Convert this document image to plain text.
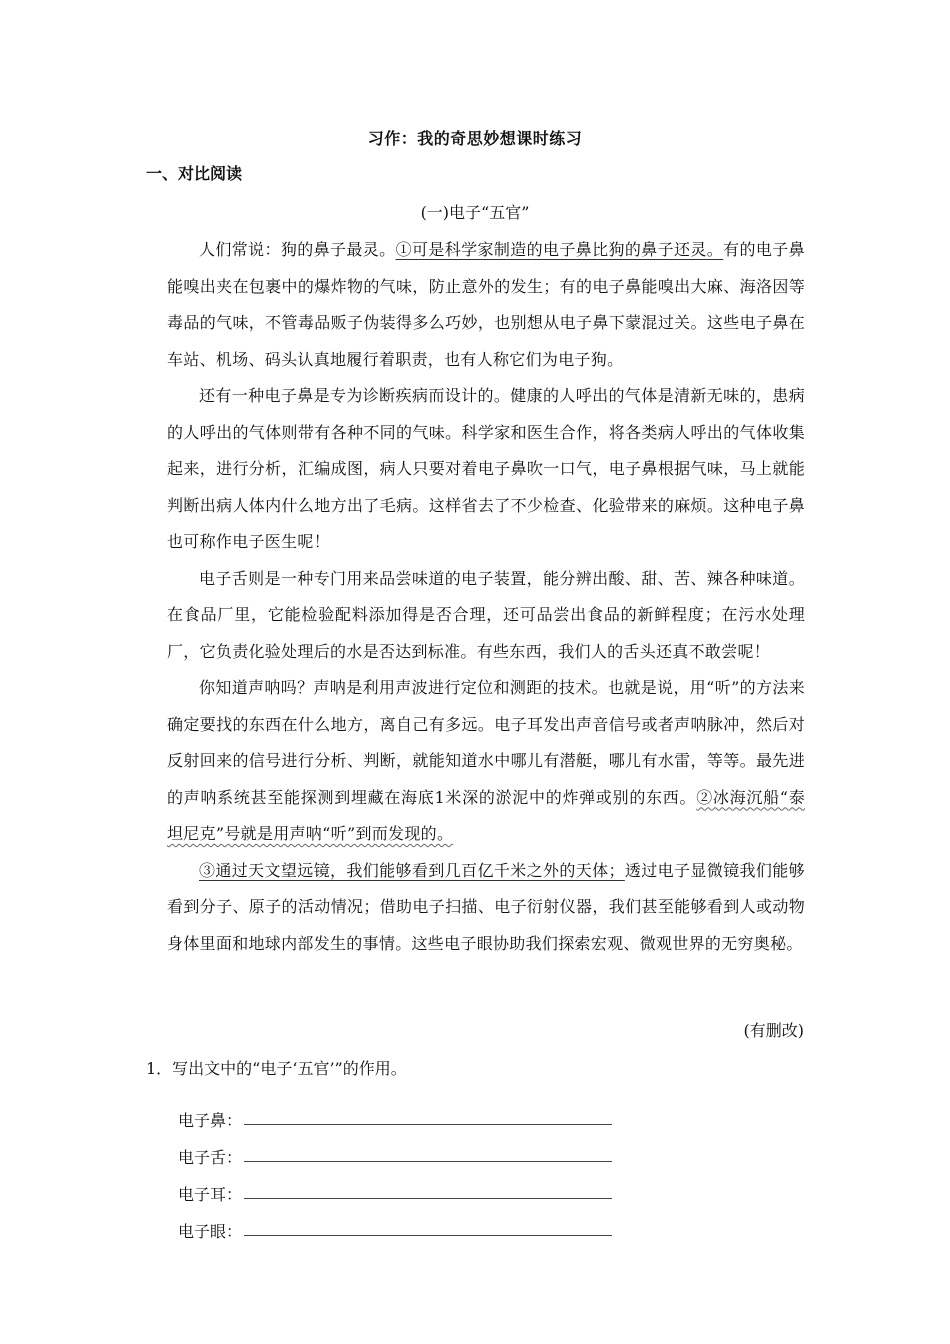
习作：我的奇思妙想课时练习
一、对比阅读
(一)电子“五官”

人们常说：狗的鼻子最灵。①可是科学家制造的电子鼻比狗的鼻子还灵。有的电子鼻能嗅出夹在包裹中的爆炸物的气味，防止意外的发生；有的电子鼻能嗅出大麻、海洛因等毒品的气味，不管毒品贩子伪装得多么巧妙，也别想从电子鼻下蒙混过关。这些电子鼻在车站、机场、码头认真地履行着职责，也有人称它们为电子狗。

还有一种电子鼻是专为诊断疾病而设计的。健康的人呼出的气体是清新无味的，患病的人呼出的气体则带有各种不同的气味。科学家和医生合作，将各类病人呼出的气体收集起来，进行分析，汇编成图，病人只要对着电子鼻吹一口气，电子鼻根据气味，马上就能判断出病人体内什么地方出了毛病。这样省去了不少检查、化验带来的麻烦。这种电子鼻也可称作电子医生呢！

电子舌则是一种专门用来品尝味道的电子装置，能分辨出酸、甜、苦、辣各种味道。在食品厂里，它能检验配料添加得是否合理，还可品尝出食品的新鲜程度；在污水处理厂，它负责化验处理后的水是否达到标准。有些东西，我们人的舌头还真不敢尝呢！

你知道声呐吗？声呐是利用声波进行定位和测距的技术。也就是说，用“听”的方法来确定要找的东西在什么地方，离自己有多远。电子耳发出声音信号或者声呐脉冲，然后对反射回来的信号进行分析、判断，就能知道水中哪儿有潜艇，哪儿有水雷，等等。最先进的声呐系统甚至能探测到埋藏在海底1米深的淤泥中的炸弹或别的东西。②冰海沉船“泰坦尼克”号就是用声呐“听”到而发现的。

③通过天文望远镜，我们能够看到几百亿千米之外的天体；透过电子显微镜我们能够看到分子、原子的活动情况；借助电子扫描、电子衍射仪器，我们甚至能够看到人或动物身体里面和地球内部发生的事情。这些电子眼协助我们探索宏观、微观世界的无穷奥秘。

(有删改)
1．写出文中的“电子‘五官’”的作用。
电子鼻：
电子舌：
电子耳：
电子眼：
